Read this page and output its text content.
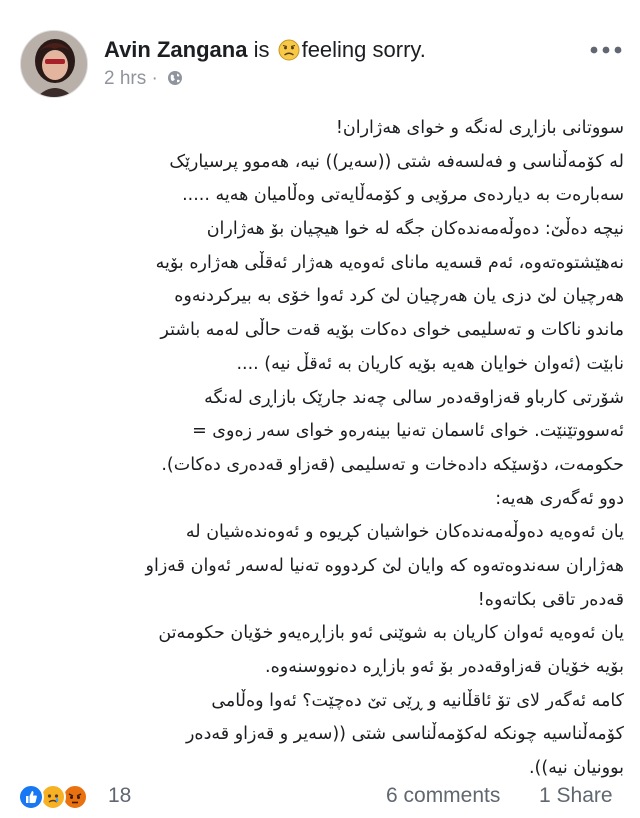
Avin Zangana is feeling sorry.
2 hrs ·
سووتانی بازاڕی لەنگە و خوای هەژاران!
لە کۆمەڵناسی و فەلسەفە شتی ((سەیر)) نیە، هەموو پرسیارێک
سەبارەت بە دیاردەی مرۆیی و کۆمەڵایەتی وەڵامیان هەیە .....
نیچە دەڵێ: دەوڵەمەندەکان جگە لە خوا هیچیان بۆ هەژاران
نەهێشتوەتەوە، ئەم قسەیە مانای ئەوەیە هەژار ئەقڵی هەژارە بۆیە
هەرچیان لێ دزی یان هەرچیان لێ کرد ئەوا خۆی بە بیرکردنەوە
ماندو ناکات و تەسلیمی خوای دەکات بۆیە قەت حاڵی لەمە باشتر
نابێت (ئەوان خوایان هەیە بۆیە کاریان بە ئەقڵ نیە) ....
شۆرتی کارباو قەزاوقەدەر سالی چەند جارێک بازاڕی لەنگە
ئەسووتێنێت. خوای ئاسمان تەنیا بینەرەو خوای سەر زەوی =
حکومەت، دۆسێکە دادەخات و تەسلیمی (قەزاو قەدەری دەکات).
دوو ئەگەری هەیە:
یان ئەوەیە دەوڵەمەندەکان خواشیان کڕیوە و ئەوەندەشیان لە
هەژاران سەندوەتەوە کە وایان لێ کردووە تەنیا لەسەر ئەوان قەزاو
قەدەر تاقی بکاتەوە!
یان ئەوەیە ئەوان کاریان بە شوێنی ئەو بازاڕەیەو خۆیان حکومەتن
بۆیە خۆیان قەزاوقەدەر بۆ ئەو بازاڕە دەنووسنەوە.
کامە ئەگەر لای تۆ ئاقڵانیە و ڕێی تێ دەچێت؟ ئەوا وەڵامی
کۆمەڵناسیە چونکە لەکۆمەڵناسی شتی ((سەیر و قەزاو قەدەر
بوونیان نیە)).
18	6 comments 1 Share
